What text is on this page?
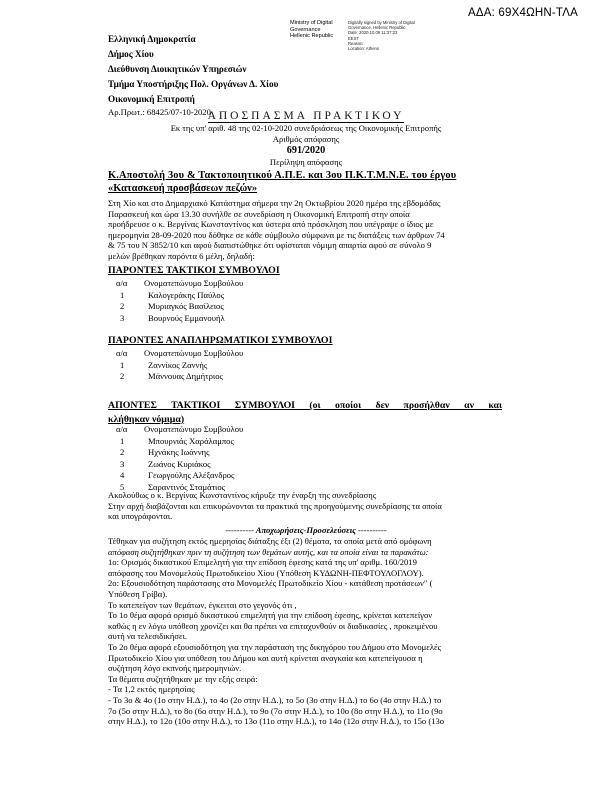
ΑΔΑ: 69Χ4ΩΗΝ-ΤΛΑ
Ministry of Digital
Governance
Hellenic Republic
Digitally signed by Ministry of Digital
Governance, Hellenic Republic
Date: 2020.10.09 11:37:23
EEST
Reason:
Location: Athens
Ελληνική Δημοκρατία
Δήμος Χίου
Διεύθυνση Διοικητικών Υπηρεσιών
Τμήμα Υποστήριξης Πολ. Οργάνων Δ. Χίου
Οικονομική Επιτροπή
Αρ.Πρωτ.: 68425/07-10-2020
ΑΠΟΣΠΑΣΜΑ ΠΡΑΚΤΙΚΟΥ
Εκ της υπ' αριθ. 48 της 02-10-2020 συνεδριάσεως της Οικονομικής Επιτροπής
Αριθμός απόφασης
691/2020
Περίληψη απόφασης
Κ.Αποστολή 3ου & Τακτοποιητικού Α.Π.Ε. και 3ου Π.Κ.Τ.Μ.Ν.Ε. του έργου
«Κατασκευή προσβάσεων πεζών»
Στη Χίο και στο Δημαρχιακό Κατάστημα σήμερα την 2η Οκτωβρίου 2020 ημέρα της εβδομάδας
Παρασκευή και ώρα 13.30 συνήλθε σε συνεδρίαση η Οικονομική Επιτροπή στην οποία
προήδρευσε ο κ. Βεργίνας Κωνσταντίνος και ύστερα από πρόσκληση που υπέγραψε ο ίδιος με
ημερομηνία 28-09-2020 που δόθηκε σε κάθε σύμβουλο σύμφωνα με τις διατάξεις των άρθρων 74
& 75 του Ν 3852/10 και αφού διαπιστώθηκε ότι υφίσταται νόμιμη απαρτία αφού σε σύνολο 9
μελών βρέθηκαν παρόντα 6 μέλη, δηλαδή:
ΠΑΡΟΝΤΕΣ ΤΑΚΤΙΚΟΙ ΣΥΜΒΟΥΛΟΙ
α/α	Ονοματεπώνυμο Συμβούλου
1	Καλογεράκης Παύλος
2	Μυριαγκός Βασίλειος
3	Βουρνούς Εμμανουήλ
ΠΑΡΟΝΤΕΣ ΑΝΑΠΛΗΡΩΜΑΤΙΚΟΙ ΣΥΜΒΟΥΛΟΙ
α/α	Ονοματεπώνυμο Συμβούλου
1	Ζαννίκος Ζαννής
2	Μάννουας Δημήτριος
ΑΠΟΝΤΕΣ ΤΑΚΤΙΚΟΙ ΣΥΜΒΟΥΛΟΙ (οι οποίοι δεν προσήλθαν αν και
κλήθηκαν νόμιμα)
α/α	Ονοματεπώνυμο Συμβούλου
1	Μπουρνιάς Χαράλαμπος
2	Ηχνάκης Ιωάννης
3	Ζωάνος Κυριάκος
4	Γεωργούλης Αλέξανδρος
5	Σαραντινός Σταμάτιος
Ακολούθως ο κ. Βεργίνας Κωνσταντίνος κήρυξε την έναρξη της συνεδρίασης
Στην αρχή διαβάζονται και επικυρώνονται τα πρακτικά της προηγούμενης συνεδρίασης τα οποία
και υπογράφονται.
---------- Αποχωρήσεις-Προσελεύσεις ----------
Τέθηκαν για συζήτηση εκτός ημερησίας διάταξης έξι (2) θέματα, τα οποία μετά από ομόφωνη
απόφαση συζητήθηκαν πριν τη συζήτηση των θεμάτων αυτής, και τα οποία είναι τα παρακάτω:
1ο: Ορισμός δικαστικού Επιμελητή για την επίδοση έφεσης κατά της υπ' αριθμ. 160/2019
απόφασης του Μονομελούς Πρωτοδικείου Χίου (Υπόθεση ΚΥΔΩΝΗ-ΠΕΦΤΟΥΛΟΓΛΟΥ).
2ο: Εξουσιοδότηση παράστασης στο Μονομελές Πρωτοδικείο Χίου - κατάθεση προτάσεων" (
Υπόθεση Γρίβα).
Το κατεπείγον των θεμάτων, έγκειται στο γεγονός ότι ,
Το 1ο θέμα αφορά ορισμό δικαστικού επιμελητή για την επίδοση έφεσης, κρίνεται κατεπείγον
καθώς η εν λόγω υπόθεση χρονίζει και θα πρέπει να επιταχυνθούν οι διαδικασίες , προκειμένου
αυτή να τελεσιδικήσει.
Το 2ο θέμα αφορά εξουσιοδότηση για την παράσταση της δικηγόρου του Δήμου στο Μονομελές
Πρωτοδικείο Χίου για υπόθεση του Δήμου και αυτή κρίνεται αναγκαία και κατεπείγουσα η
συζήτηση λόγο εκπνοής ημερομηνιών.
Τα θέματα συζητήθηκαν με την εξής σειρά:
- Τα 1,2 εκτός ημερησίας
- Το 3ο & 4ο (1ο στην Η.Δ.), το 4ο (2ο στην Η.Δ.), το 5ο (3ο στην Η.Δ.) το 6ο (4ο στην Η.Δ.) το
7ο (5ο στην Η.Δ.), το 8ο (6ο στην Η.Δ.), το 9ο (7ο στην Η.Δ.), το 10ο (8ο στην Η.Δ.), το 11ο (9ο
στην Η.Δ.), το 12ο (10ο στην Η.Δ.), το 13ο (11ο στην Η.Δ.), το 14ο (12ο στην Η.Δ.), το 15ο (13ο
